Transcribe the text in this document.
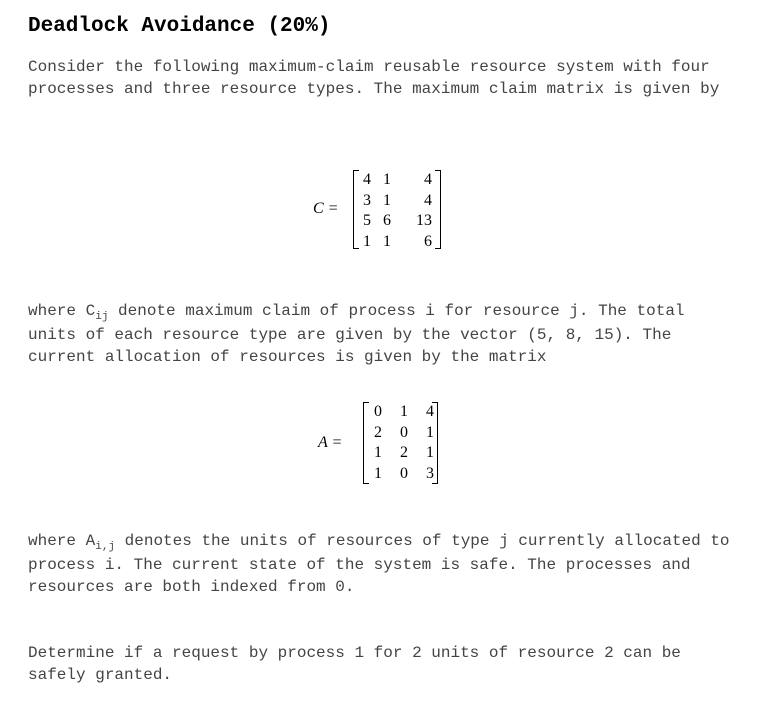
Deadlock Avoidance (20%)

Consider the following maximum-claim reusable resource system with four processes and three resource types. The maximum claim matrix is given by

C =
4	1	4
3	1	4
5	6	13
1	1	6

where $C_{ij}$ denote maximum claim of process i for resource j. The total units of each resource type are given by the vector (5, 8, 15). The current allocation of resources is given by the matrix

A =
0	1	4
2	0	1
1	2	1
1	0	3

where $A_{i,j}$ denotes the units of resources of type j currently allocated to process i. The current state of the system is safe. The processes and resources are both indexed from 0.

Determine if a request by process 1 for 2 units of resource 2 can be safely granted.
